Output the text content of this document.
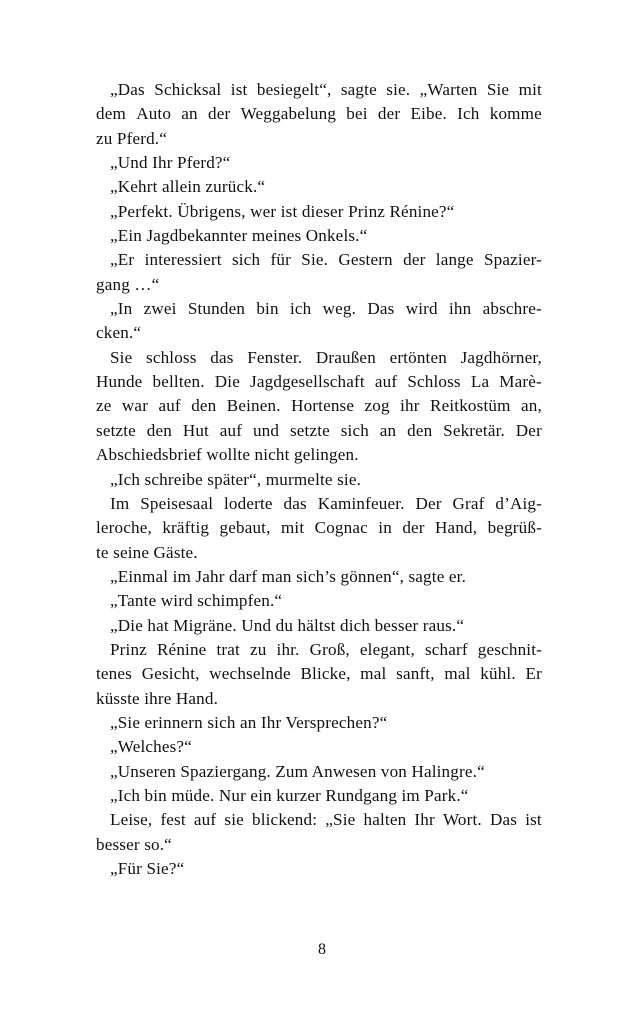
„Das Schicksal ist besiegelt“, sagte sie. „Warten Sie mit
dem Auto an der Weggabelung bei der Eibe. Ich komme
zu Pferd.“

„Und Ihr Pferd?“

„Kehrt allein zurück.“

„Perfekt. Übrigens, wer ist dieser Prinz Rénine?“

„Ein Jagdbekannter meines Onkels.“

„Er interessiert sich für Sie. Gestern der lange Spazier-
gang …“

„In zwei Stunden bin ich weg. Das wird ihn abschre-
cken.“

Sie schloss das Fenster. Draußen ertönten Jagdhörner,
Hunde bellten. Die Jagdgesellschaft auf Schloss La Marè-
ze war auf den Beinen. Hortense zog ihr Reitkostüm an,
setzte den Hut auf und setzte sich an den Sekretär. Der
Abschiedsbrief wollte nicht gelingen.

„Ich schreibe später“, murmelte sie.

Im Speisesaal loderte das Kaminfeuer. Der Graf d’Aig-
leroche, kräftig gebaut, mit Cognac in der Hand, begrüß-
te seine Gäste.

„Einmal im Jahr darf man sich’s gönnen“, sagte er.

„Tante wird schimpfen.“

„Die hat Migräne. Und du hältst dich besser raus.“

Prinz Rénine trat zu ihr. Groß, elegant, scharf geschnit-
tenes Gesicht, wechselnde Blicke, mal sanft, mal kühl. Er
küsste ihre Hand.

„Sie erinnern sich an Ihr Versprechen?“

„Welches?“

„Unseren Spaziergang. Zum Anwesen von Halingre.“

„Ich bin müde. Nur ein kurzer Rundgang im Park.“

Leise, fest auf sie blickend: „Sie halten Ihr Wort. Das ist
besser so.“

„Für Sie?“

8
